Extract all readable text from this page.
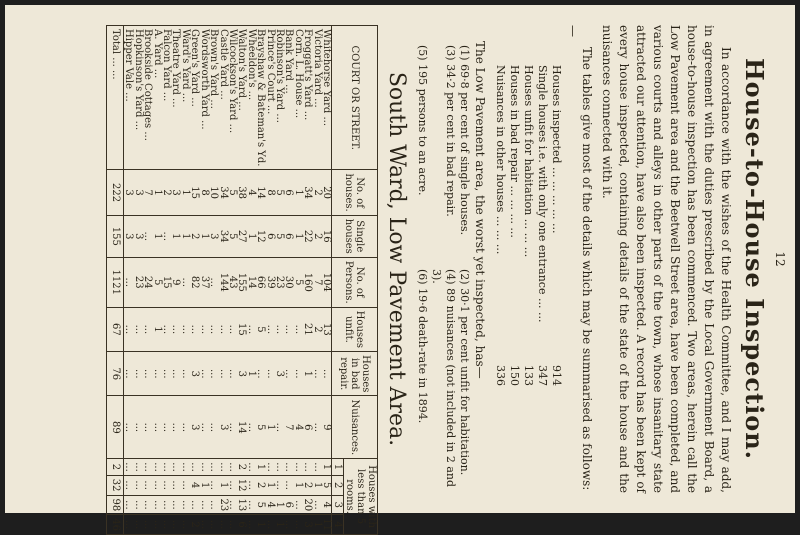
12
House-to-House Inspection.

In accordance with the wishes of the Health Committee, and I may add, in agreement with the duties prescribed by the Local Government Board, a house-to-house inspection has been commenced. Two areas, herein call the Low Pavement area and the Beetwell Street area, have been completed, and various courts and alleys in other parts of the town, whose insanitary state attracted our attention, have also been inspected. A record has been kept of every house inspected, containing details of the state of the house and the nuisances connected with it.

The tables give most of the details which may be summarised as follows:—

Houses inspected ... ... ... ... ...
914
Single houses i.e. with only one entrance ... ...
347
Houses unfit for habitation ... ... ...
133
Houses in bad repair ... ... ... ...
150
Nuisances in other houses ... ... ...
336

The Low Pavement area, the worst yet inspected, has—

(1) 69·8 per cent of single houses.
(2) 30·1 per cent unfit for habitation.
(3) 34·2 per cent in bad repair.
(4) 89 nuisances (not included in 2 and 3).
(5) 195 persons to an acre.
(6) 19·6 death-rate in 1894.
South Ward, Low Pavement Area.
COURT OR STREET.	No. of houses.	Single houses	No. of Persons.	Houses unfit.	Houses in bad repair.	Nuisances.	Houses with less than 5 rooms.			
							1	2	3	4
Whitehorse Yard ...	20	16	104	13	...	9	1	5	4	11
Victoria Yard ...	2	2	7	2	...	...	...	1	...	1
Froggatt's Yard ...	34	22	160	21	1	6	...	2	20	3
Corn. L. House ...	1	1	5	...	...	4	...	1	...	...
Bank Yard ...	6	6	30	...	...	7	...	...	6	...
Robinson's Yard ...	5	5	23	...	3	...	...	...	1	1
Prince's Court ...	8	6	39	...	...	1	...	1	4	...
Brayshaw & Bateman's Yd.	14	12	66	5	...	5	1	2	5	1
Wheeldon's ...	4	1	14	...	1	...	...	...	...	...
Walton's Yard ...	38	27	155	15	3	14	2	12	13	6
Wilcockson's Yard ...	5	5	43	...	...	...	...	...	...	...
Castle Yard ...	34	34	144	...	...	3	...	1	23	...
Brown's Yard ...	10	3	...	...	...	...	...	...	...	...
Wordsworth Yard ...	8	1	37	...	...	...	...	1	...	...
Green's Yard ...	15	2	82	...	3	3	...	4	...	2
Ward's Yard ...	1	1	...	...	...	...	...	...	...	...
Theatre Yard ...	3	1	9	...	...	...	...	...	...	...
Falcon Yard ...	2	...	15	...	...	...	...	...	...	...
A. Yard ...	1	1	5	1	...	...	...	...	...	...
Brookside Cottages ...	7	...	24	...	...	...	...	...	...	...
Hopkinson's Yard ...	3	3	23	...	...	...	...	...	...	...
Hipper Vale ...	3	3	...	...	...	...	...	...	...	...
Total ... ...	222	155	1121	67	76	89	2	32	98	46
